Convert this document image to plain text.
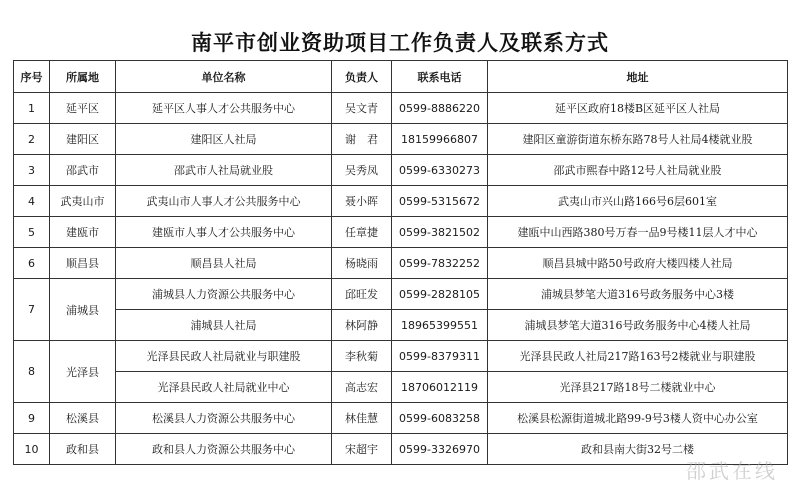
南平市创业资助项目工作负责人及联系方式
序号	所属地	单位名称	负责人	联系电话	地址
1	延平区	延平区人事人才公共服务中心	吴文青	0599-8886220	延平区政府18楼B区延平区人社局
2	建阳区	建阳区人社局	谢　君	18159966807	建阳区童游街道东桥东路78号人社局4楼就业股
3	邵武市	邵武市人社局就业股	吴秀凤	0599-6330273	邵武市熙春中路12号人社局就业股
4	武夷山市	武夷山市人事人才公共服务中心	聂小晖	0599-5315672	武夷山市兴山路166号6层601室
5	建瓯市	建瓯市人事人才公共服务中心	任章捷	0599-3821502	建瓯中山西路380号万春一品9号楼11层人才中心
6	顺昌县	顺昌县人社局	杨晓雨	0599-7832252	顺昌县城中路50号政府大楼四楼人社局
7	浦城县	浦城县人力资源公共服务中心	邱旺发	0599-2828105	浦城县梦笔大道316号政务服务中心3楼
		浦城县人社局	林阿静	18965399551	浦城县梦笔大道316号政务服务中心4楼人社局
8	光泽县	光泽县民政人社局就业与职建股	李秋菊	0599-8379311	光泽县民政人社局217路163号2楼就业与职建股
		光泽县民政人社局就业中心	高志宏	18706012119	光泽县217路18号二楼就业中心
9	松溪县	松溪县人力资源公共服务中心	林佳慧	0599-6083258	松溪县松源街道城北路99-9号3楼人资中心办公室
10	政和县	政和县人力资源公共服务中心	宋超宇	0599-3326970	政和县南大街32号二楼
邵武在线
